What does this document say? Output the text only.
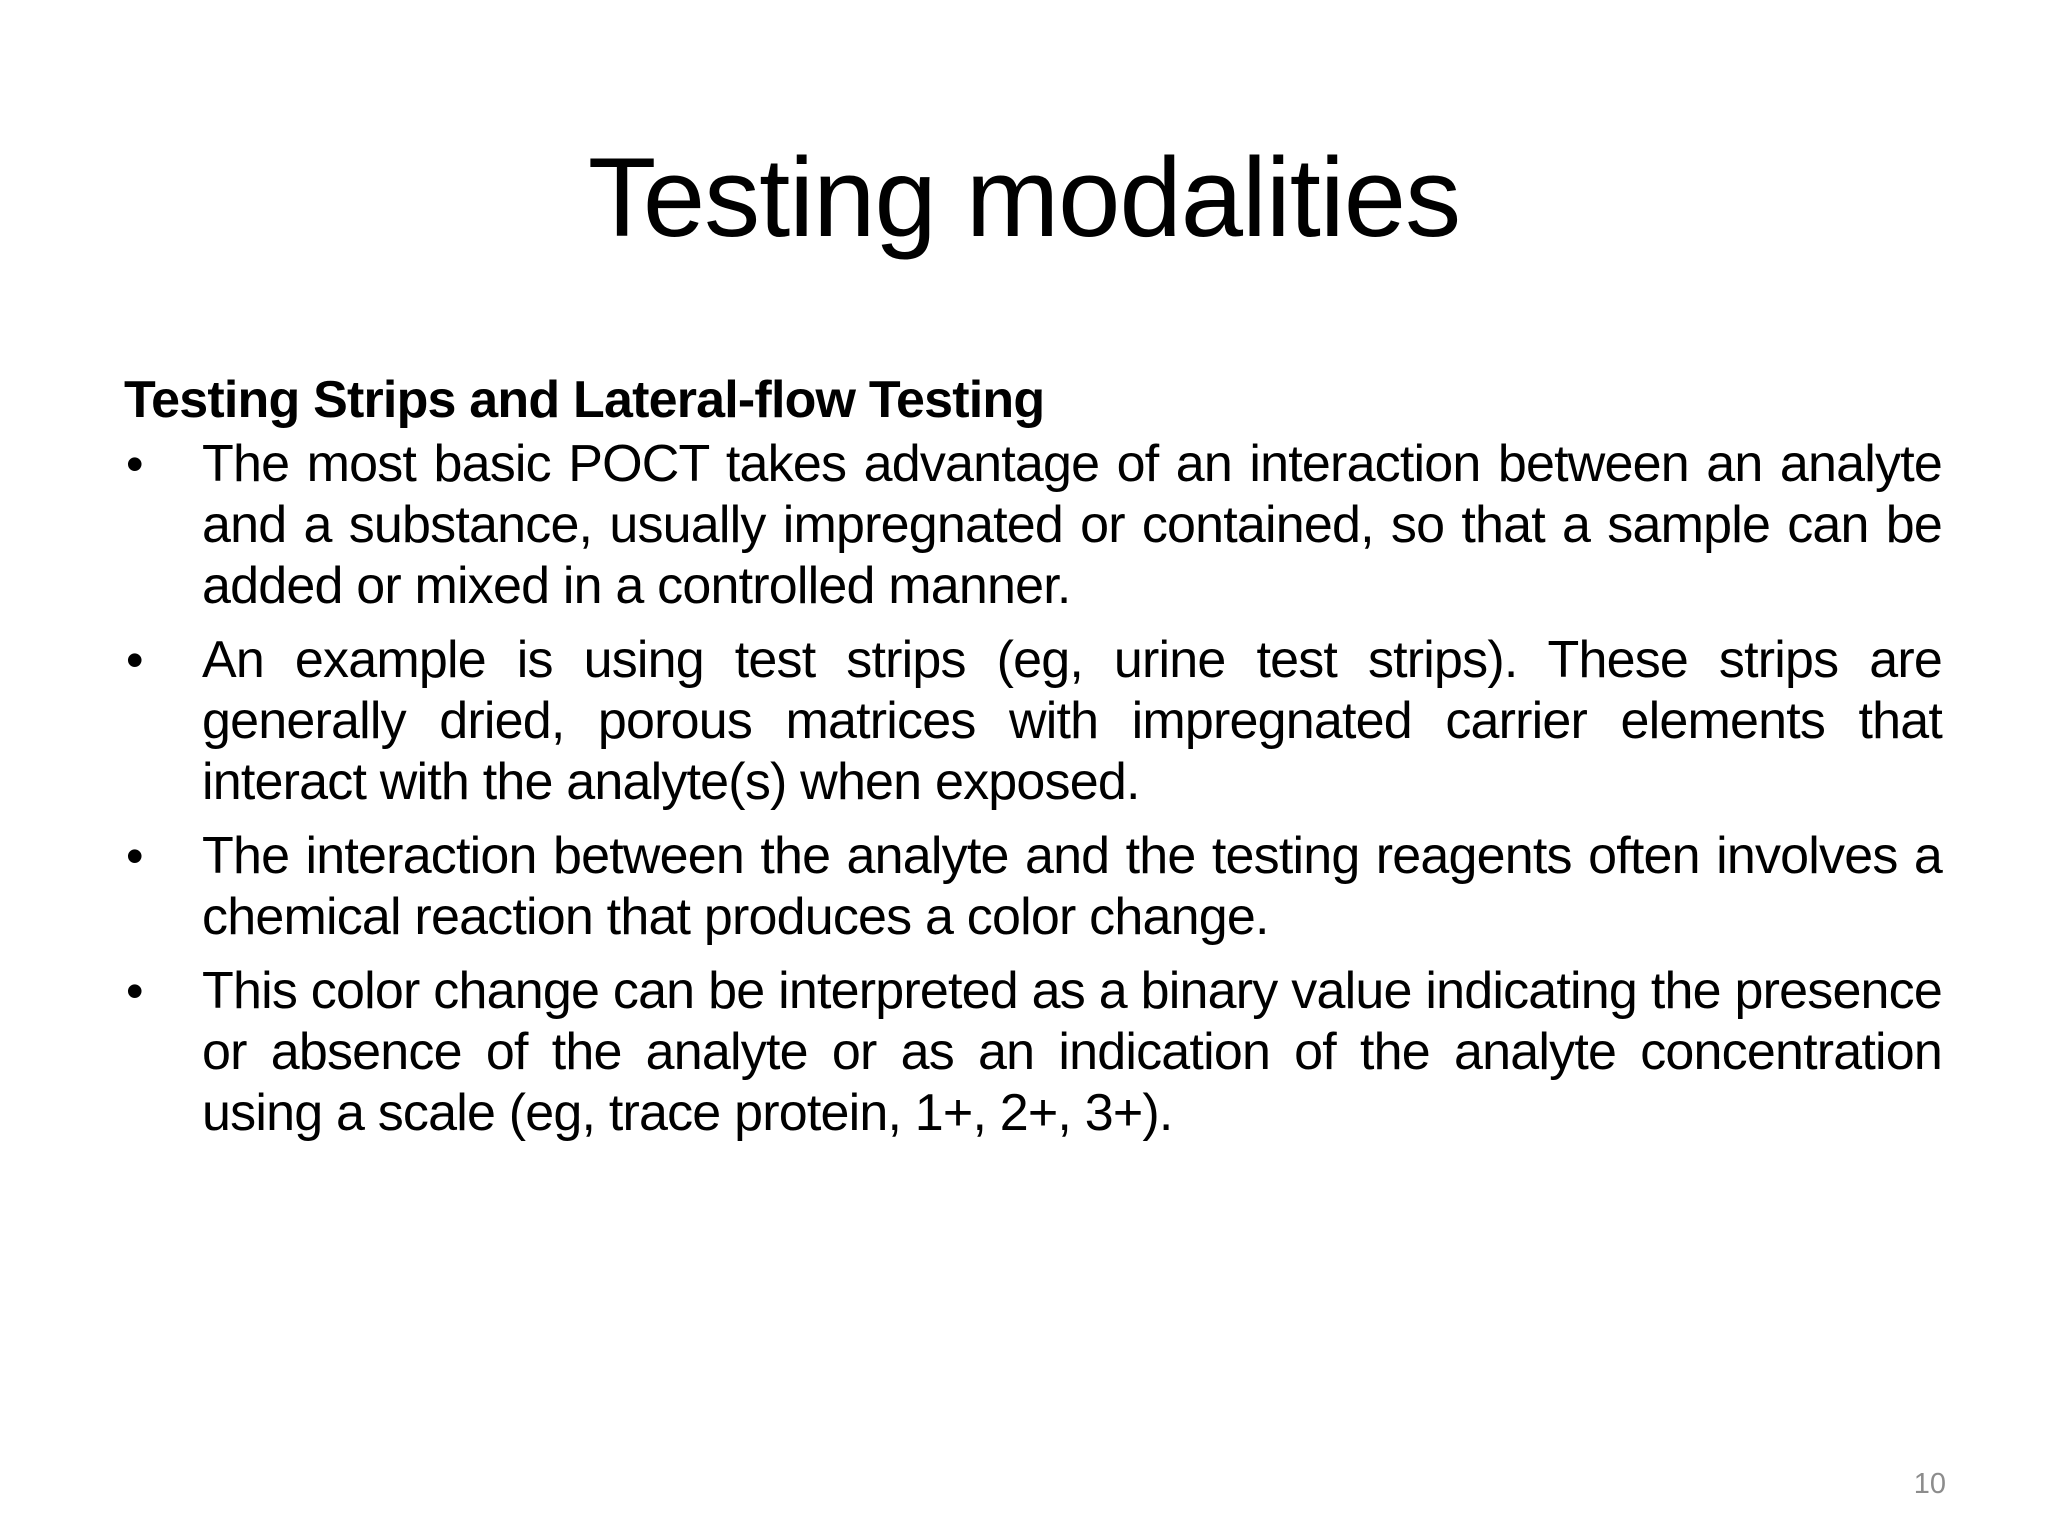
Testing modalities
Testing Strips and Lateral-flow Testing
• The most basic POCT takes advantage of an interaction between an analyte and a substance, usually impregnated or contained, so that a sample can be added or mixed in a controlled manner.
• An example is using test strips (eg, urine test strips). These strips are generally dried, porous matrices with impregnated carrier elements that interact with the analyte(s) when exposed.
• The interaction between the analyte and the testing reagents often involves a chemical reaction that produces a color change.
• This color change can be interpreted as a binary value indicating the presence or absence of the analyte or as an indication of the analyte concentration using a scale (eg, trace protein, 1+, 2+, 3+).
10
